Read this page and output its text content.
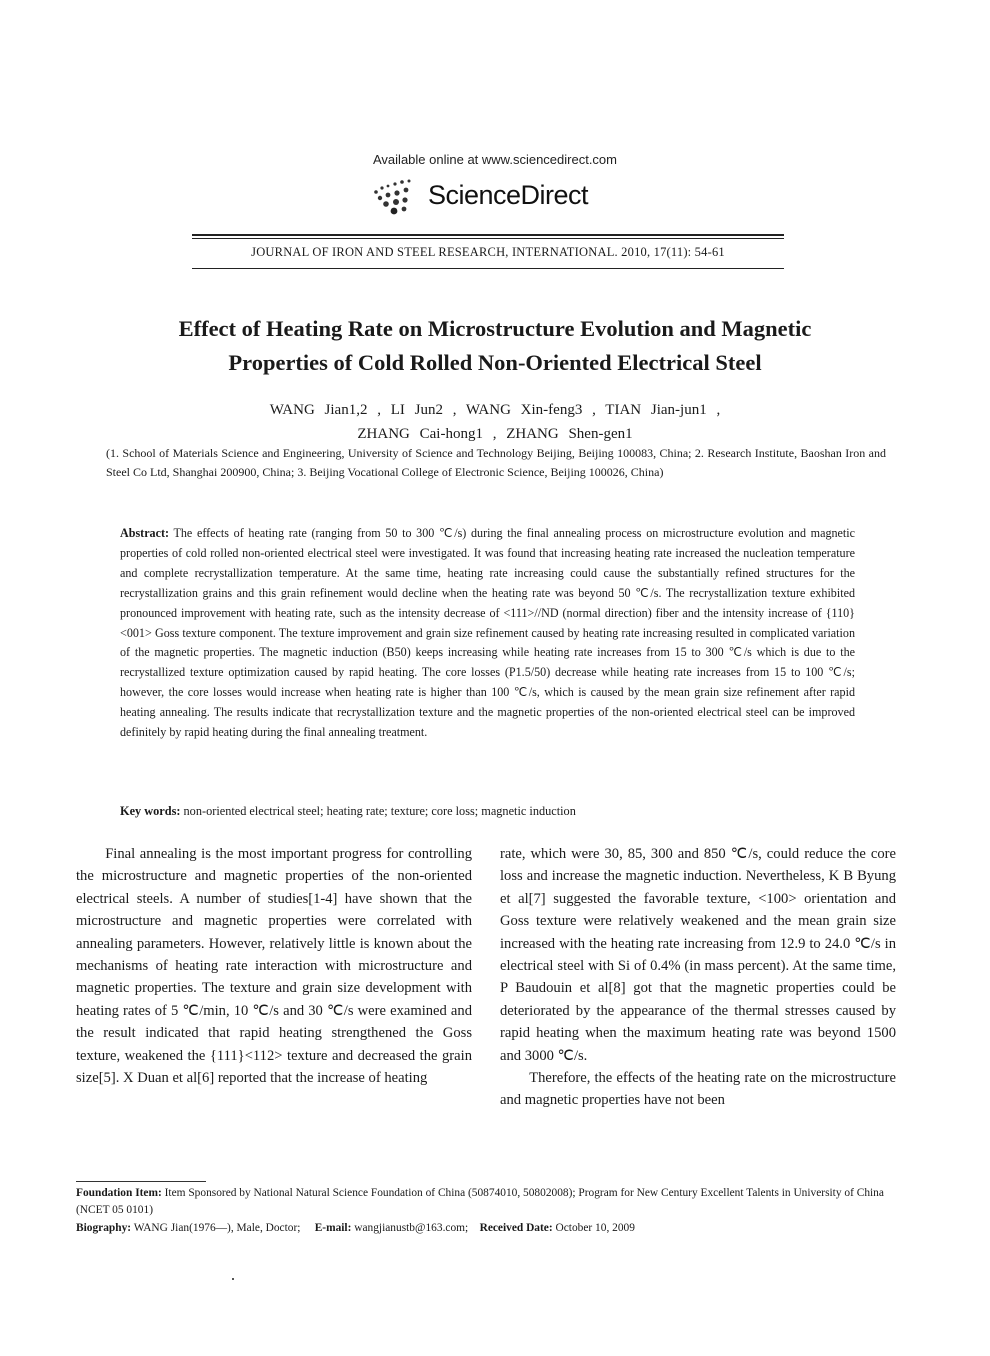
Available online at www.sciencedirect.com
ScienceDirect
JOURNAL OF IRON AND STEEL RESEARCH, INTERNATIONAL. 2010, 17(11): 54-61
Effect of Heating Rate on Microstructure Evolution and Magnetic
Properties of Cold Rolled Non-Oriented Electrical Steel
WANG Jian1,2 , LI Jun2 , WANG Xin-feng3 , TIAN Jian-jun1 ,
ZHANG Cai-hong1 , ZHANG Shen-gen1
(1. School of Materials Science and Engineering, University of Science and Technology Beijing, Beijing 100083, China; 2. Research Institute, Baoshan Iron and Steel Co Ltd, Shanghai 200900, China; 3. Beijing Vocational College of Electronic Science, Beijing 100026, China)
Abstract: The effects of heating rate (ranging from 50 to 300 ℃/s) during the final annealing process on microstructure evolution and magnetic properties of cold rolled non-oriented electrical steel were investigated. It was found that increasing heating rate increased the nucleation temperature and complete recrystallization temperature. At the same time, heating rate increasing could cause the substantially refined structures for the recrystallization grains and this grain refinement would decline when the heating rate was beyond 50 ℃/s. The recrystallization texture exhibited pronounced improvement with heating rate, such as the intensity decrease of <111>//ND (normal direction) fiber and the intensity increase of {110}<001> Goss texture component. The texture improvement and grain size refinement caused by heating rate increasing resulted in complicated variation of the magnetic properties. The magnetic induction (B50) keeps increasing while heating rate increases from 15 to 300 ℃/s which is due to the recrystallized texture optimization caused by rapid heating. The core losses (P1.5/50) decrease while heating rate increases from 15 to 100 ℃/s; however, the core losses would increase when heating rate is higher than 100 ℃/s, which is caused by the mean grain size refinement after rapid heating annealing. The results indicate that recrystallization texture and the magnetic properties of the non-oriented electrical steel can be improved definitely by rapid heating during the final annealing treatment.
Key words: non-oriented electrical steel; heating rate; texture; core loss; magnetic induction

Final annealing is the most important progress for controlling the microstructure and magnetic properties of the non-oriented electrical steels. A number of studies[1-4] have shown that the microstructure and magnetic properties were correlated with annealing parameters. However, relatively little is known about the mechanisms of heating rate interaction with microstructure and magnetic properties. The texture and grain size development with heating rates of 5 ℃/min, 10 ℃/s and 30 ℃/s were examined and the result indicated that rapid heating strengthened the Goss texture, weakened the {111}<112> texture and decreased the grain size[5]. X Duan et al[6] reported that the increase of heating

rate, which were 30, 85, 300 and 850 ℃/s, could reduce the core loss and increase the magnetic induction. Nevertheless, K B Byung et al[7] suggested the favorable texture, <100> orientation and Goss texture were relatively weakened and the mean grain size increased with the heating rate increasing from 12.9 to 24.0 ℃/s in electrical steel with Si of 0.4% (in mass percent). At the same time, P Baudouin et al[8] got that the magnetic properties could be deteriorated by the appearance of the thermal stresses caused by rapid heating when the maximum heating rate was beyond 1500 and 3000 ℃/s.

Therefore, the effects of the heating rate on the microstructure and magnetic properties have not been

Foundation Item: Item Sponsored by National Natural Science Foundation of China (50874010, 50802008); Program for New Century Excellent Talents in University of China (NCET 05 0101)
Biography: WANG Jian(1976—), Male, Doctor; E-mail: wangjianustb@163.com; Received Date: October 10, 2009
